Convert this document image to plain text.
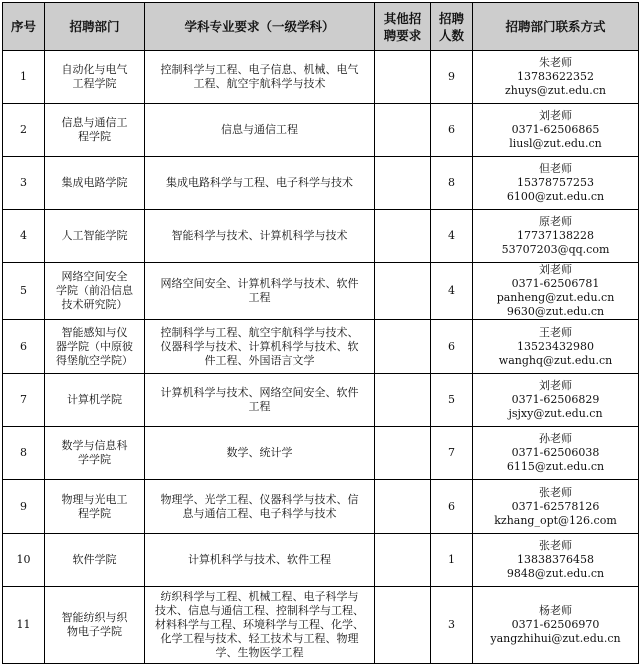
序号	招聘部门	学科专业要求（一级学科）	其他招聘要求	招聘人数	招聘部门联系方式
1	自动化与电气
工程学院	控制科学与工程、电子信息、机械、电气
工程、航空宇航科学与技术		9	朱老师
13783622352
zhuys@zut.edu.cn

2	信息与通信工
程学院	信息与通信工程		6	刘老师
0371-62506865
liusl@zut.edu.cn

3	集成电路学院	集成电路科学与工程、电子科学与技术		8	但老师
15378757253
6100@zut.edu.cn

4	人工智能学院	智能科学与技术、计算机科学与技术		4	原老师
17737138228
53707203@qq.com

5	网络空间安全
学院（前沿信息
技术研究院）	网络空间安全、计算机科学与技术、软件
工程		4	刘老师
0371-62506781
panheng@zut.edu.cn
9630@zut.edu.cn

6	智能感知与仪
器学院（中原彼
得堡航空学院）	控制科学与工程、航空宇航科学与技术、
仪器科学与技术、计算机科学与技术、软
件工程、外国语言文学		6	王老师
13523432980
wanghq@zut.edu.cn

7	计算机学院	计算机科学与技术、网络空间安全、软件
工程		5	刘老师
0371-62506829
jsjxy@zut.edu.cn

8	数学与信息科
学学院	数学、统计学		7	孙老师
0371-62506038
6115@zut.edu.cn

9	物理与光电工
程学院	物理学、光学工程、仪器科学与技术、信
息与通信工程、电子科学与技术		6	张老师
0371-62578126
kzhang_opt@126.com

10	软件学院	计算机科学与技术、软件工程		1	张老师
13838376458
9848@zut.edu.cn

11	智能纺织与织
物电子学院	纺织科学与工程、机械工程、电子科学与
技术、信息与通信工程、控制科学与工程、
材料科学与工程、环境科学与工程、化学、
化学工程与技术、轻工技术与工程、物理
学、生物医学工程		3	杨老师
0371-62506970
yangzhihui@zut.edu.cn
